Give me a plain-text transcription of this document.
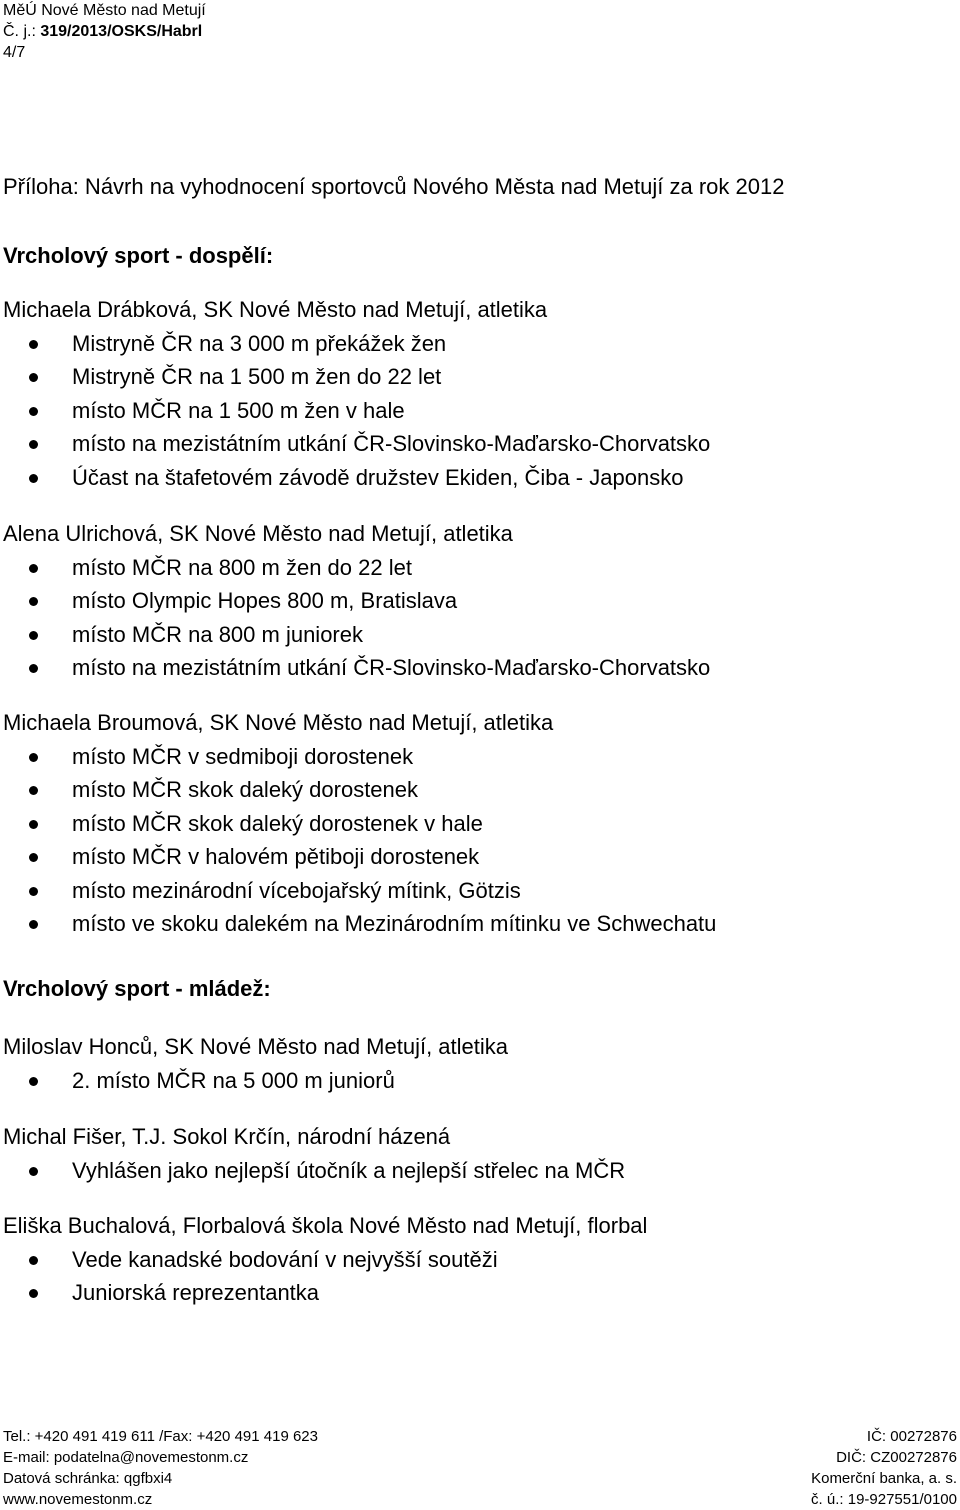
MěÚ Nové Město nad Metují
Č. j.: 319/2013/OSKS/Habrl
4/7
Příloha: Návrh na vyhodnocení sportovců Nového Města nad Metují za rok 2012
Vrcholový sport - dospělí:
Michaela Drábková, SK Nové Město nad Metují, atletika
Mistryně ČR na 3 000 m překážek žen
Mistryně ČR na 1 500 m žen do 22 let
místo MČR na 1 500 m žen v hale
místo na mezistátním utkání ČR-Slovinsko-Maďarsko-Chorvatsko
Účast na štafetovém závodě družstev Ekiden, Čiba - Japonsko
Alena Ulrichová, SK Nové Město nad Metují, atletika
místo MČR na 800 m žen do 22 let
místo Olympic Hopes 800 m, Bratislava
místo MČR na 800 m juniorek
místo na mezistátním utkání ČR-Slovinsko-Maďarsko-Chorvatsko
Michaela Broumová, SK Nové Město nad Metují, atletika
místo MČR v sedmiboji dorostenek
místo MČR skok daleký dorostenek
místo MČR skok daleký dorostenek v hale
místo MČR v halovém pětiboji dorostenek
místo mezinárodní vícebojařský mítink, Götzis
místo ve skoku dalekém na Mezinárodním mítinku ve Schwechatu
Vrcholový sport - mládež:
Miloslav Honců, SK Nové Město nad Metují, atletika
2. místo MČR na 5 000 m juniorů
Michal Fišer, T.J. Sokol Krčín, národní házená
Vyhlášen jako nejlepší útočník a nejlepší střelec na MČR
Eliška Buchalová, Florbalová škola Nové Město nad Metují, florbal
Vede kanadské bodování v nejvyšší soutěži
Juniorská reprezentantka
Tel.: +420 491 419 611 /Fax: +420 491 419 623
E-mail: podatelna@novemestonm.cz
Datová schránka: qgfbxi4
www.novemestonm.cz
IČ: 00272876
DIČ: CZ00272876
Komerční banka, a. s.
č. ú.: 19-927551/0100
